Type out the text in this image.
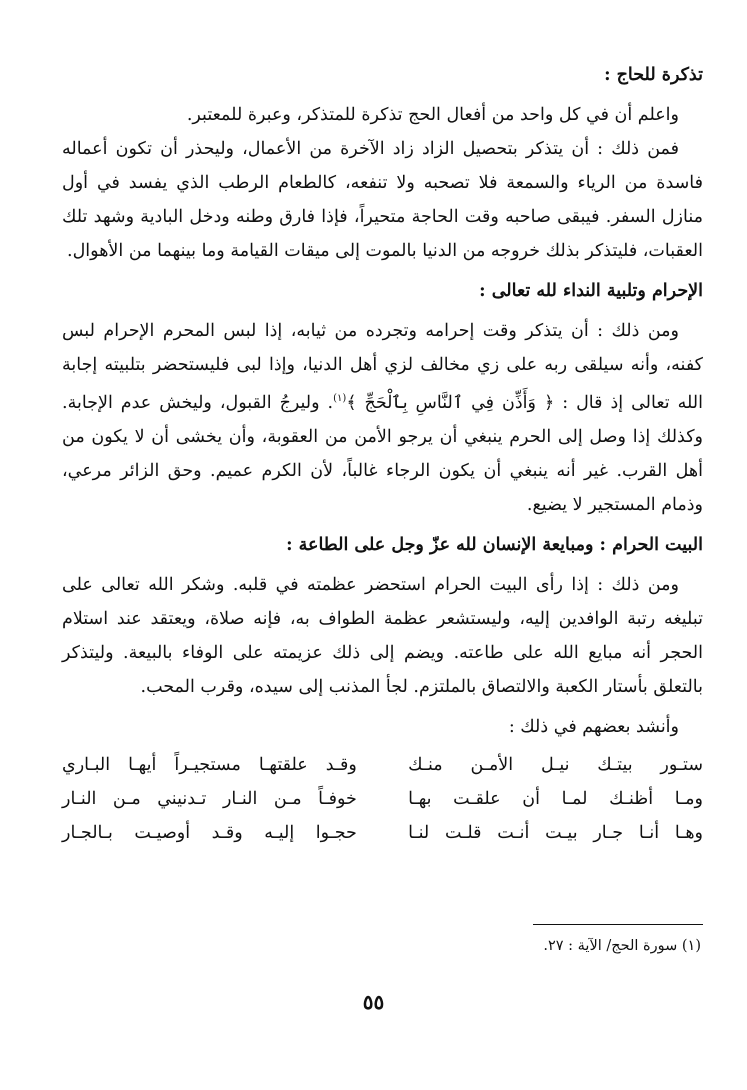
تذكرة للحاج :

واعلم أن في كل واحد من أفعال الحج تذكرة للمتذكر، وعبرة للمعتبر.

فمن ذلك : أن يتذكر بتحصيل الزاد زاد الآخرة من الأعمال، وليحذر أن تكون أعماله فاسدة من الرياء والسمعة فلا تصحبه ولا تنفعه، كالطعام الرطب الذي يفسد في أول منازل السفر. فيبقى صاحبه وقت الحاجة متحيراً، فإذا فارق وطنه ودخل البادية وشهد تلك العقبات، فليتذكر بذلك خروجه من الدنيا بالموت إلى ميقات القيامة وما بينهما من الأهوال.

الإحرام وتلبية النداء لله تعالى :

ومن ذلك : أن يتذكر وقت إحرامه وتجرده من ثيابه، إذا لبس المحرم الإحرام لبس كفنه، وأنه سيلقى ربه على زي مخالف لزي أهل الدنيا، وإذا لبى فليستحضر بتلبيته إجابة الله تعالى إذ قال : ﴿ وَأَذِّن فِي ٱلنَّاسِ بِٱلْحَجِّ ﴾$^{(١)}$. وليرجُ القبول، وليخش عدم الإجابة. وكذلك إذا وصل إلى الحرم ينبغي أن يرجو الأمن من العقوبة، وأن يخشى أن لا يكون من أهل القرب. غير أنه ينبغي أن يكون الرجاء غالباً، لأن الكرم عميم. وحق الزائر مرعي، وذمام المستجير لا يضيع.

البيت الحرام : ومبايعة الإنسان لله عزّ وجل على الطاعة :

ومن ذلك : إذا رأى البيت الحرام استحضر عظمته في قلبه. وشكر الله تعالى على تبليغه رتبة الوافدين إليه، وليستشعر عظمة الطواف به، فإنه صلاة، ويعتقد عند استلام الحجر أنه مبايع الله على طاعته. ويضم إلى ذلك عزيمته على الوفاء بالبيعة. وليتذكر بالتعلق بأستار الكعبة والالتصاق بالملتزم. لجأ المذنب إلى سيده، وقرب المحب.

وأنشد بعضهم في ذلك :

ستـور بيتـك نيـل الأمـن منـك
وقـد علقتهـا مستجيـراً أيهـا البـاري
ومـا أظنـك لمـا أن علقـت بهـا
خوفـاً مـن النـار تـدنيني مـن النـار
وهـا أنـا جـار بيـت أنـت قلـت لنـا
حجـوا إليـه وقـد أوصيـت بـالجـار
(١) سورة الحج/ الآية : ٢٧.
٥٥
